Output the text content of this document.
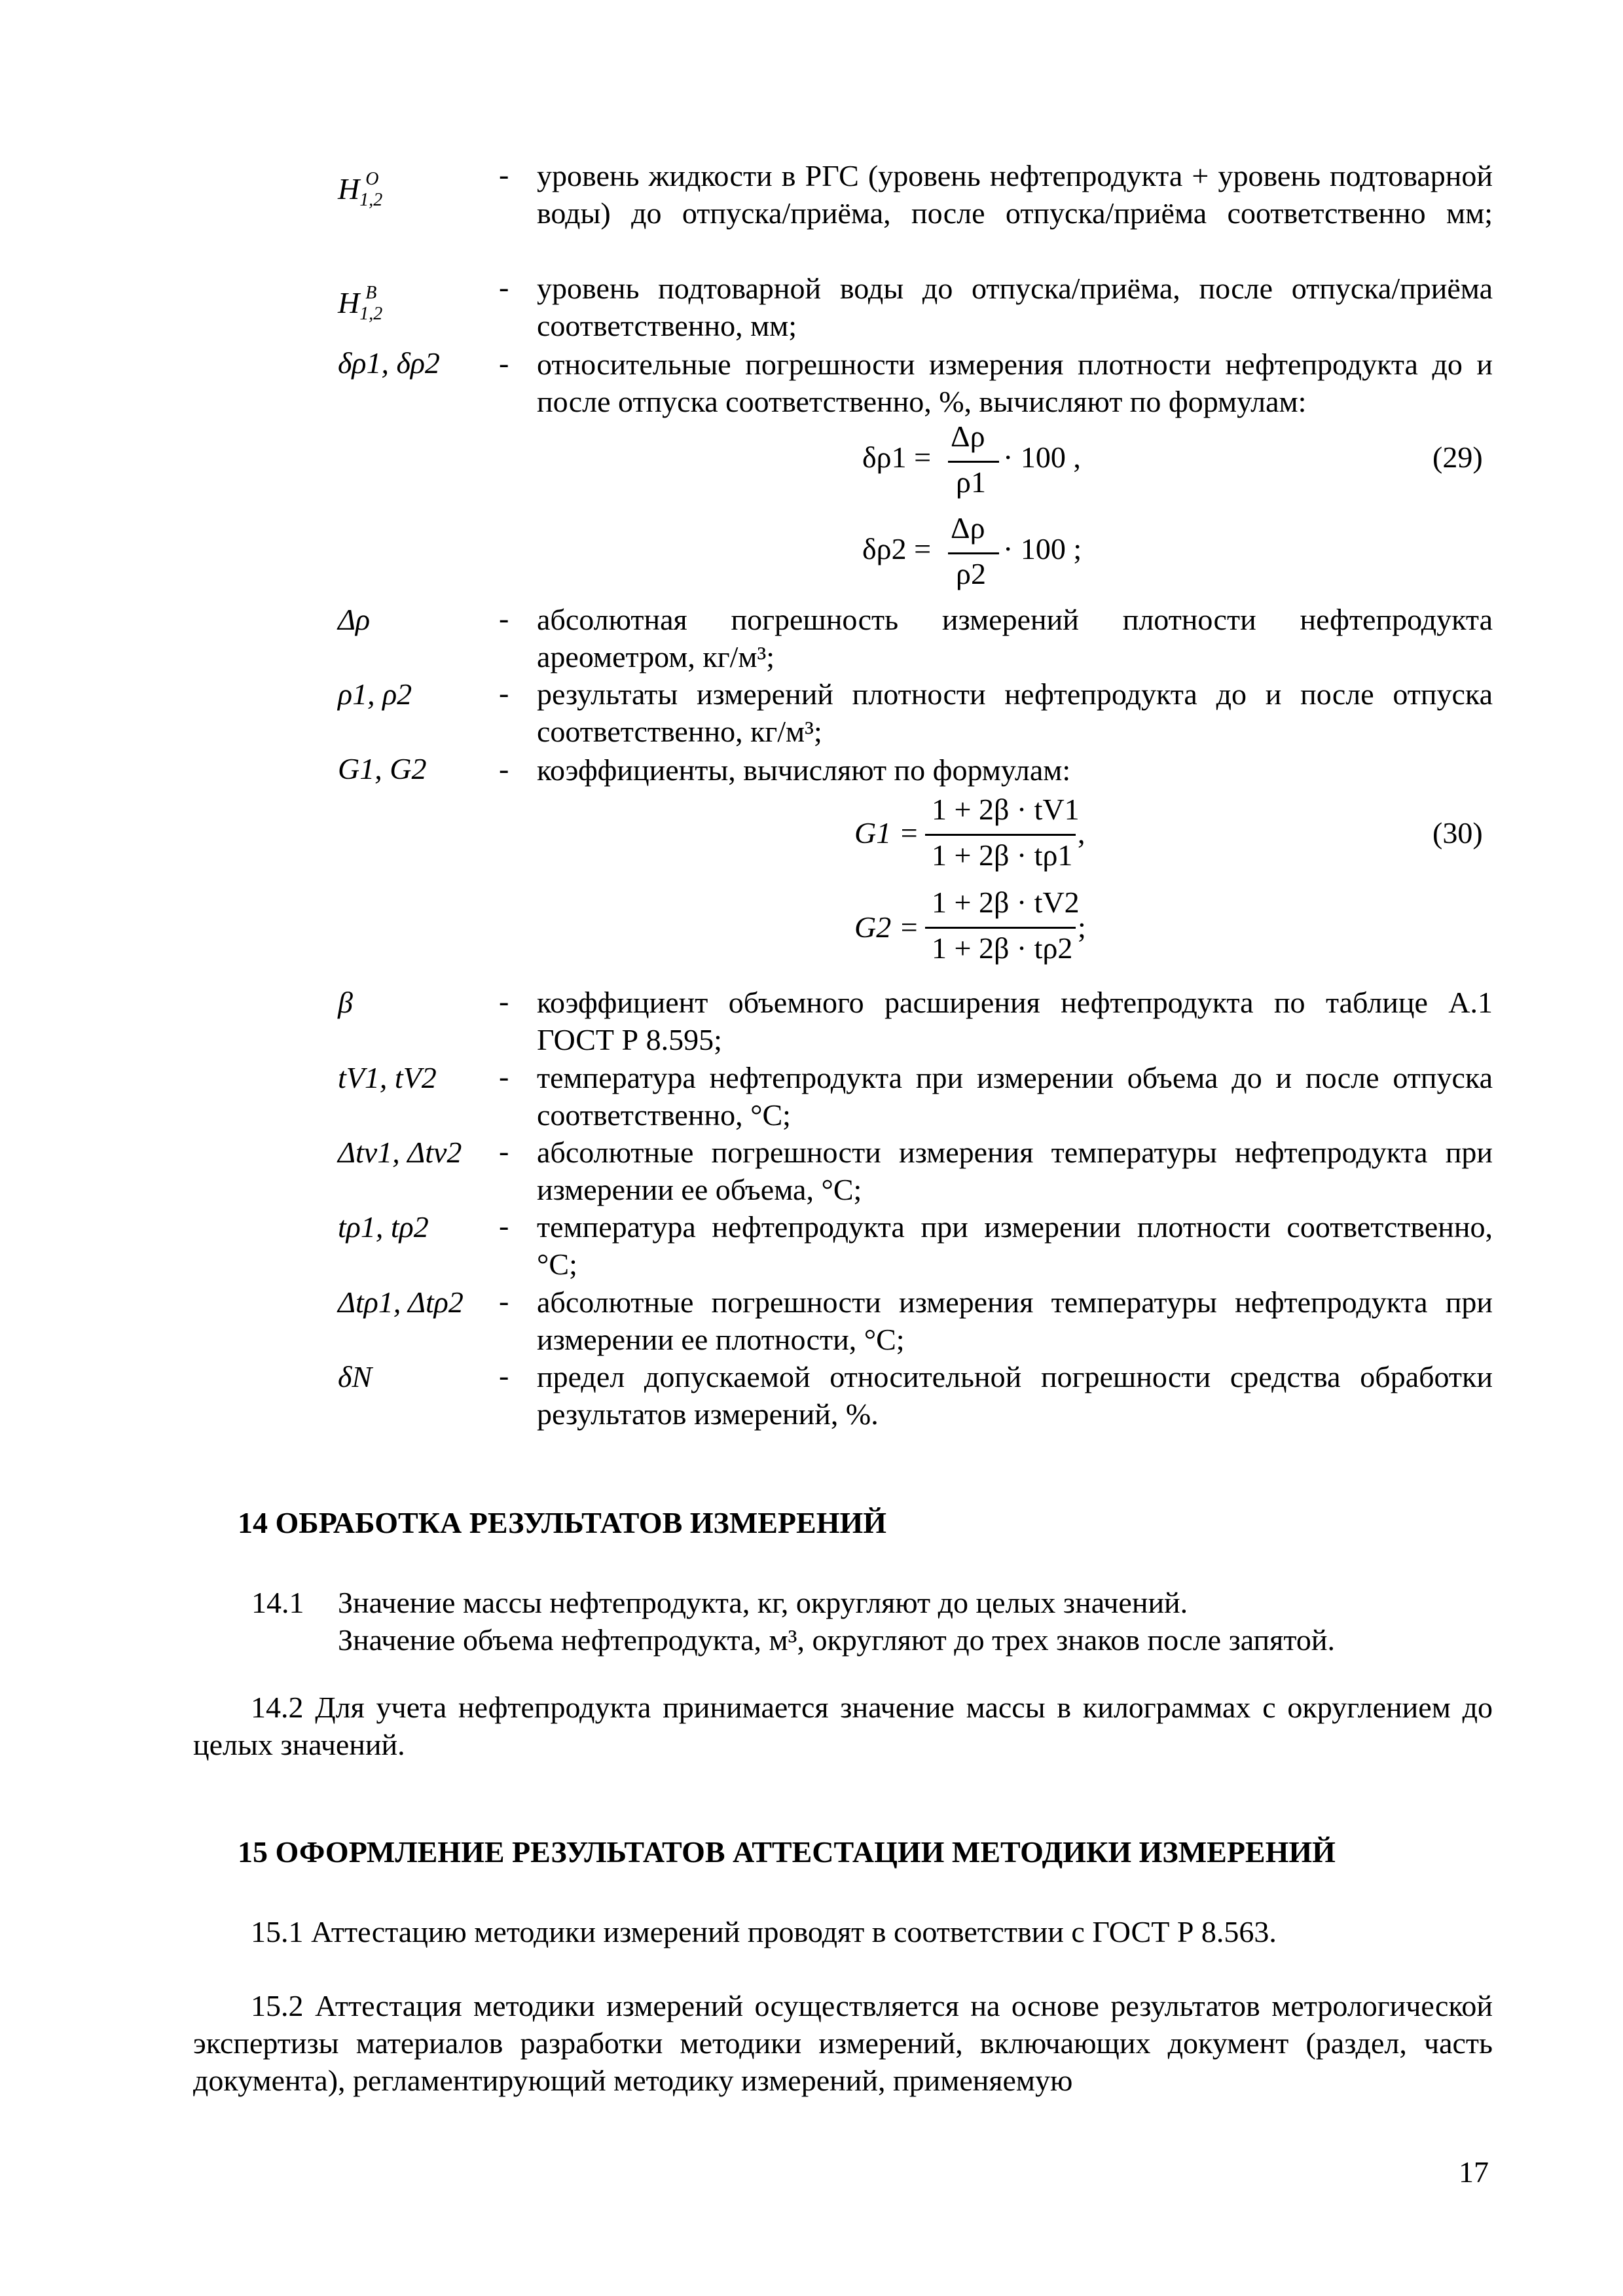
$H_{1,2}^O$	- уровень жидкости в РГС (уровень нефтепродукта + уровень подтоварной воды) до отпуска/приёма, после отпуска/приёма соответственно мм;
$H_{1,2}^В$	- уровень подтоварной воды до отпуска/приёма, после отпуска/приёма соответственно, мм;
δρ1, δρ2 - относительные погрешности измерения плотности нефтепродукта до и после отпуска соответственно, %, вычисляют по формулам:
δρ1 =
Δρ
ρ1
· 100 ,	(29)
δρ2 =
Δρ
ρ2
· 100 ;
Δρ	- абсолютная погрешность измерений плотности нефтепродукта ареометром, кг/м³;
ρ1, ρ2	- результаты измерений плотности нефтепродукта до и после отпуска соответственно, кг/м³;
G1, G2 - коэффициенты, вычисляют по формулам:
G1 =
1 + 2β · tV1
1 + 2β · tρ1
,	(30)
G2 =
1 + 2β · tV2
1 + 2β · tρ2
;
β	- коэффициент объемного расширения нефтепродукта по таблице А.1 ГОСТ Р 8.595;
tV1, tV2 - температура нефтепродукта при измерении объема до и после отпуска соответственно, °С;
Δtv1, Δtv2 - абсолютные погрешности измерения температуры нефтепродукта при измерении ее объема, °С;
tρ1, tρ2 - температура нефтепродукта при измерении плотности соответственно, °С;
Δtρ1, Δtρ2 - абсолютные погрешности измерения температуры нефтепродукта при измерении ее плотности, °С;
δN	- предел допускаемой относительной погрешности средства обработки результатов измерений, %.
14 ОБРАБОТКА РЕЗУЛЬТАТОВ ИЗМЕРЕНИЙ
14.1 Значение массы нефтепродукта, кг, округляют до целых значений.
Значение объема нефтепродукта, м³, округляют до трех знаков после запятой.
14.2 Для учета нефтепродукта принимается значение массы в килограммах с округлением до целых значений.
15 ОФОРМЛЕНИЕ РЕЗУЛЬТАТОВ АТТЕСТАЦИИ МЕТОДИКИ ИЗМЕРЕНИЙ
15.1 Аттестацию методики измерений проводят в соответствии с ГОСТ Р 8.563.
15.2 Аттестация методики измерений осуществляется на основе результатов метрологической экспертизы материалов разработки методики измерений, включающих документ (раздел, часть документа), регламентирующий методику измерений, применяемую
17
